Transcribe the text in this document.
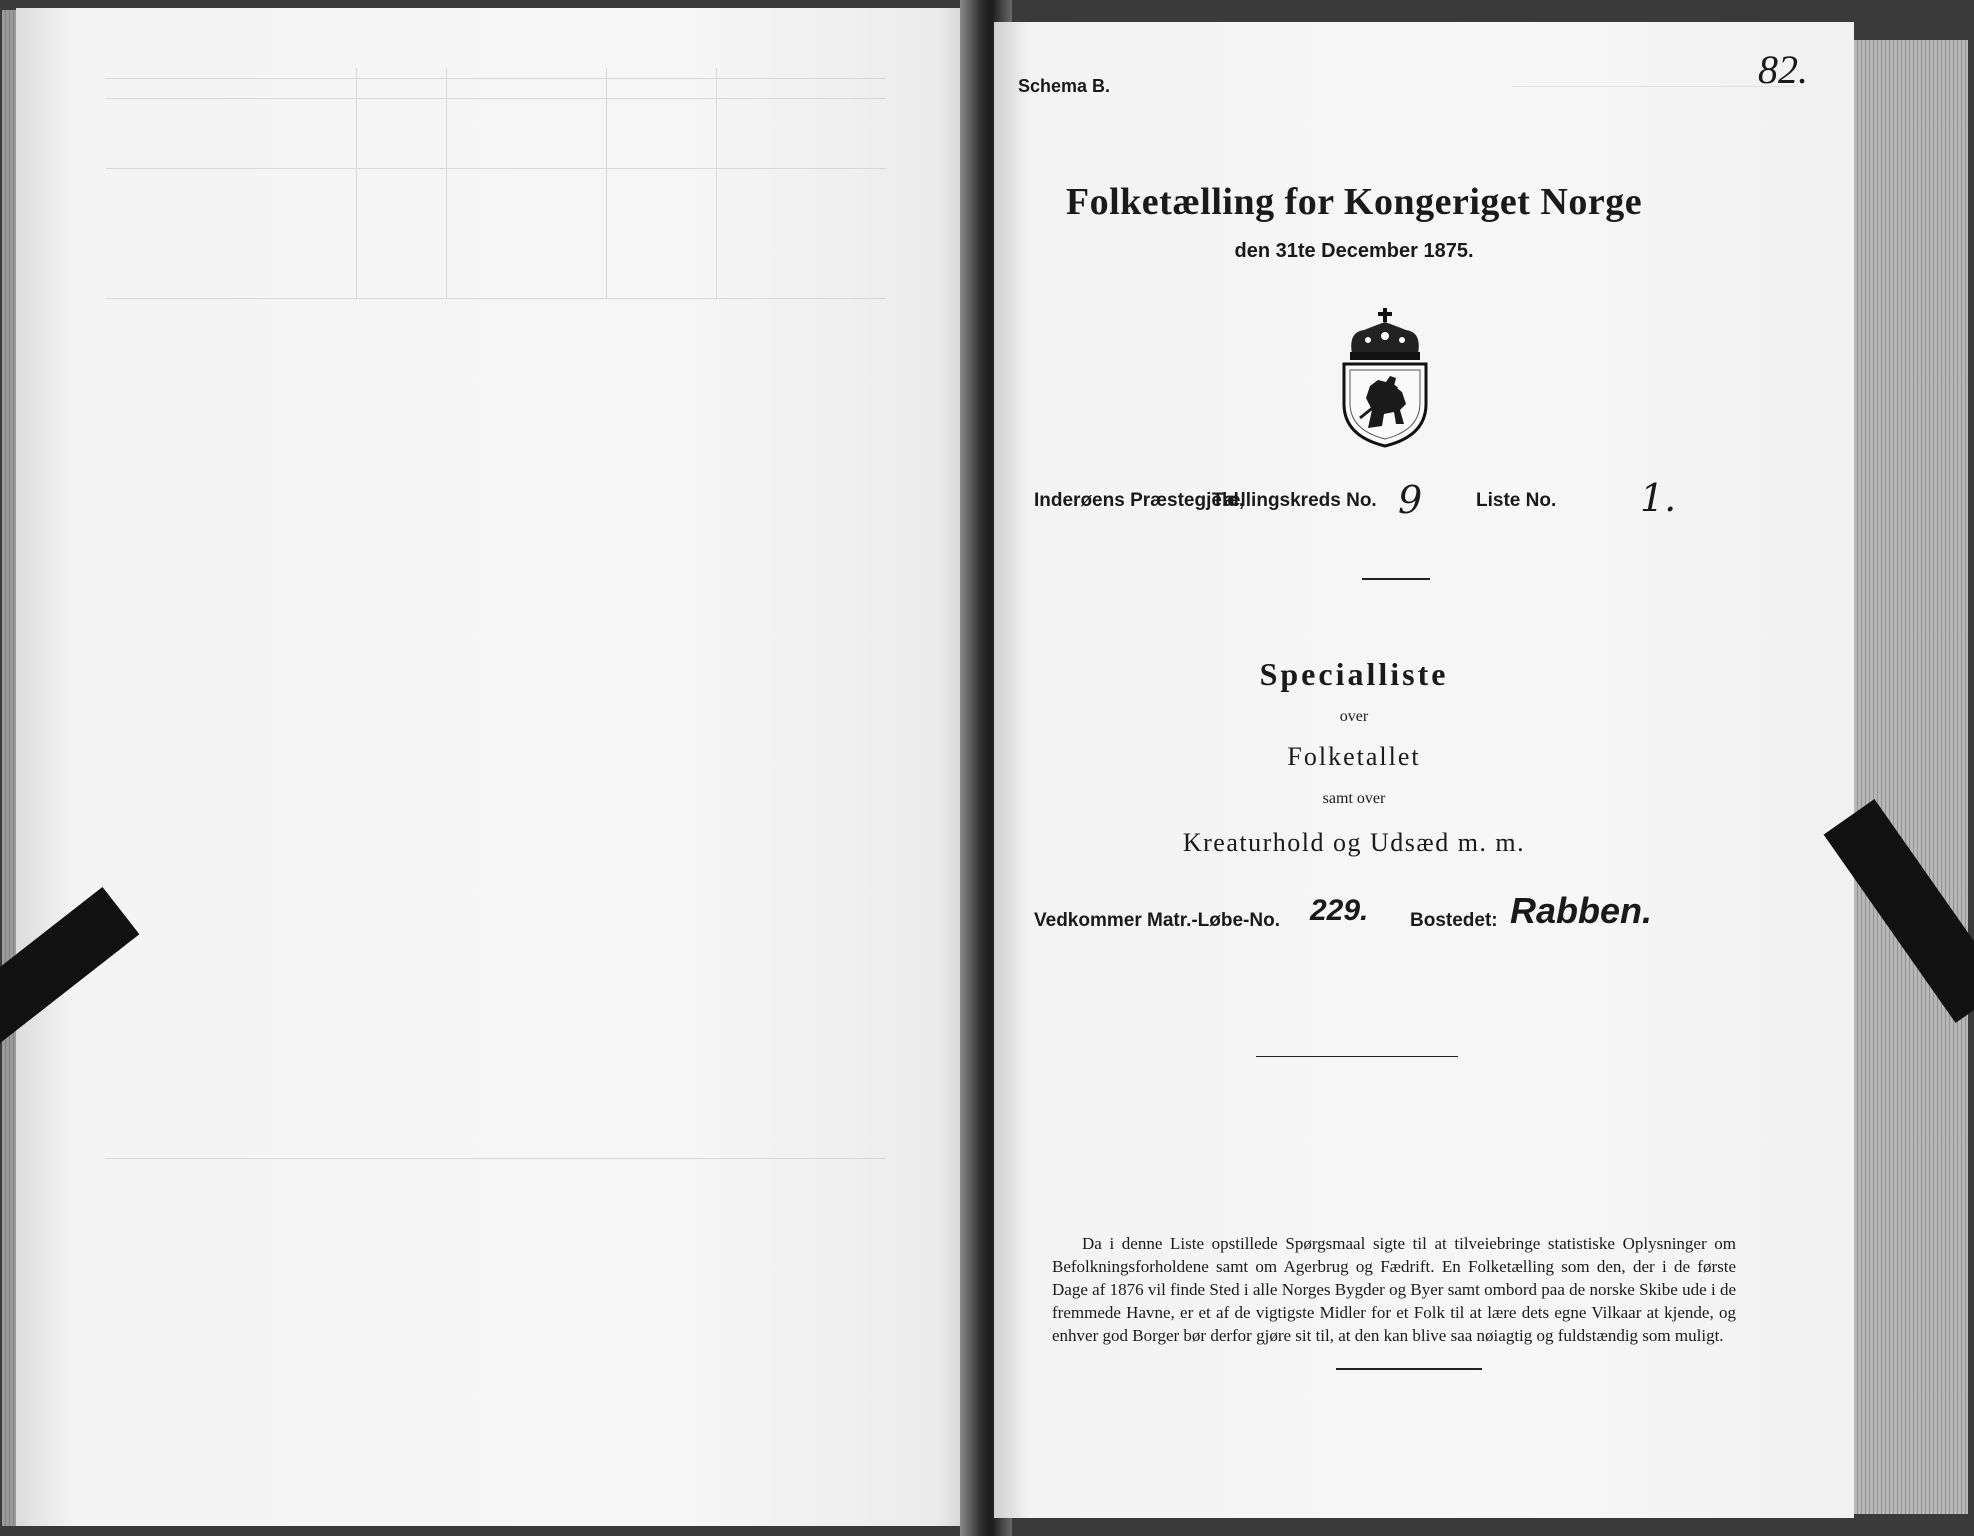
Schema B.	82.
Folketælling for Kongeriget Norge
den 31te December 1875.
Inderøens Præstegjeld,
Tællingskreds No. 9	Liste No. 1.
Specialliste
over
Folketallet
samt over
Kreaturhold og Udsæd m. m.
Vedkommer Matr.-Løbe-No. 229. Bostedet: Rabben.
Da i denne Liste opstillede Spørgsmaal sigte til at tilveiebringe statistiske Oplysninger om Befolkningsforholdene samt om Agerbrug og Fædrift. En Folketælling som den, der i de første Dage af 1876 vil finde Sted i alle Norges Bygder og Byer samt ombord paa de norske Skibe ude i de fremmede Havne, er et af de vigtigste Midler for et Folk til at lære dets egne Vilkaar at kjende, og enhver god Borger bør derfor gjøre sit til, at den kan blive saa nøiagtig og fuldstændig som muligt.
